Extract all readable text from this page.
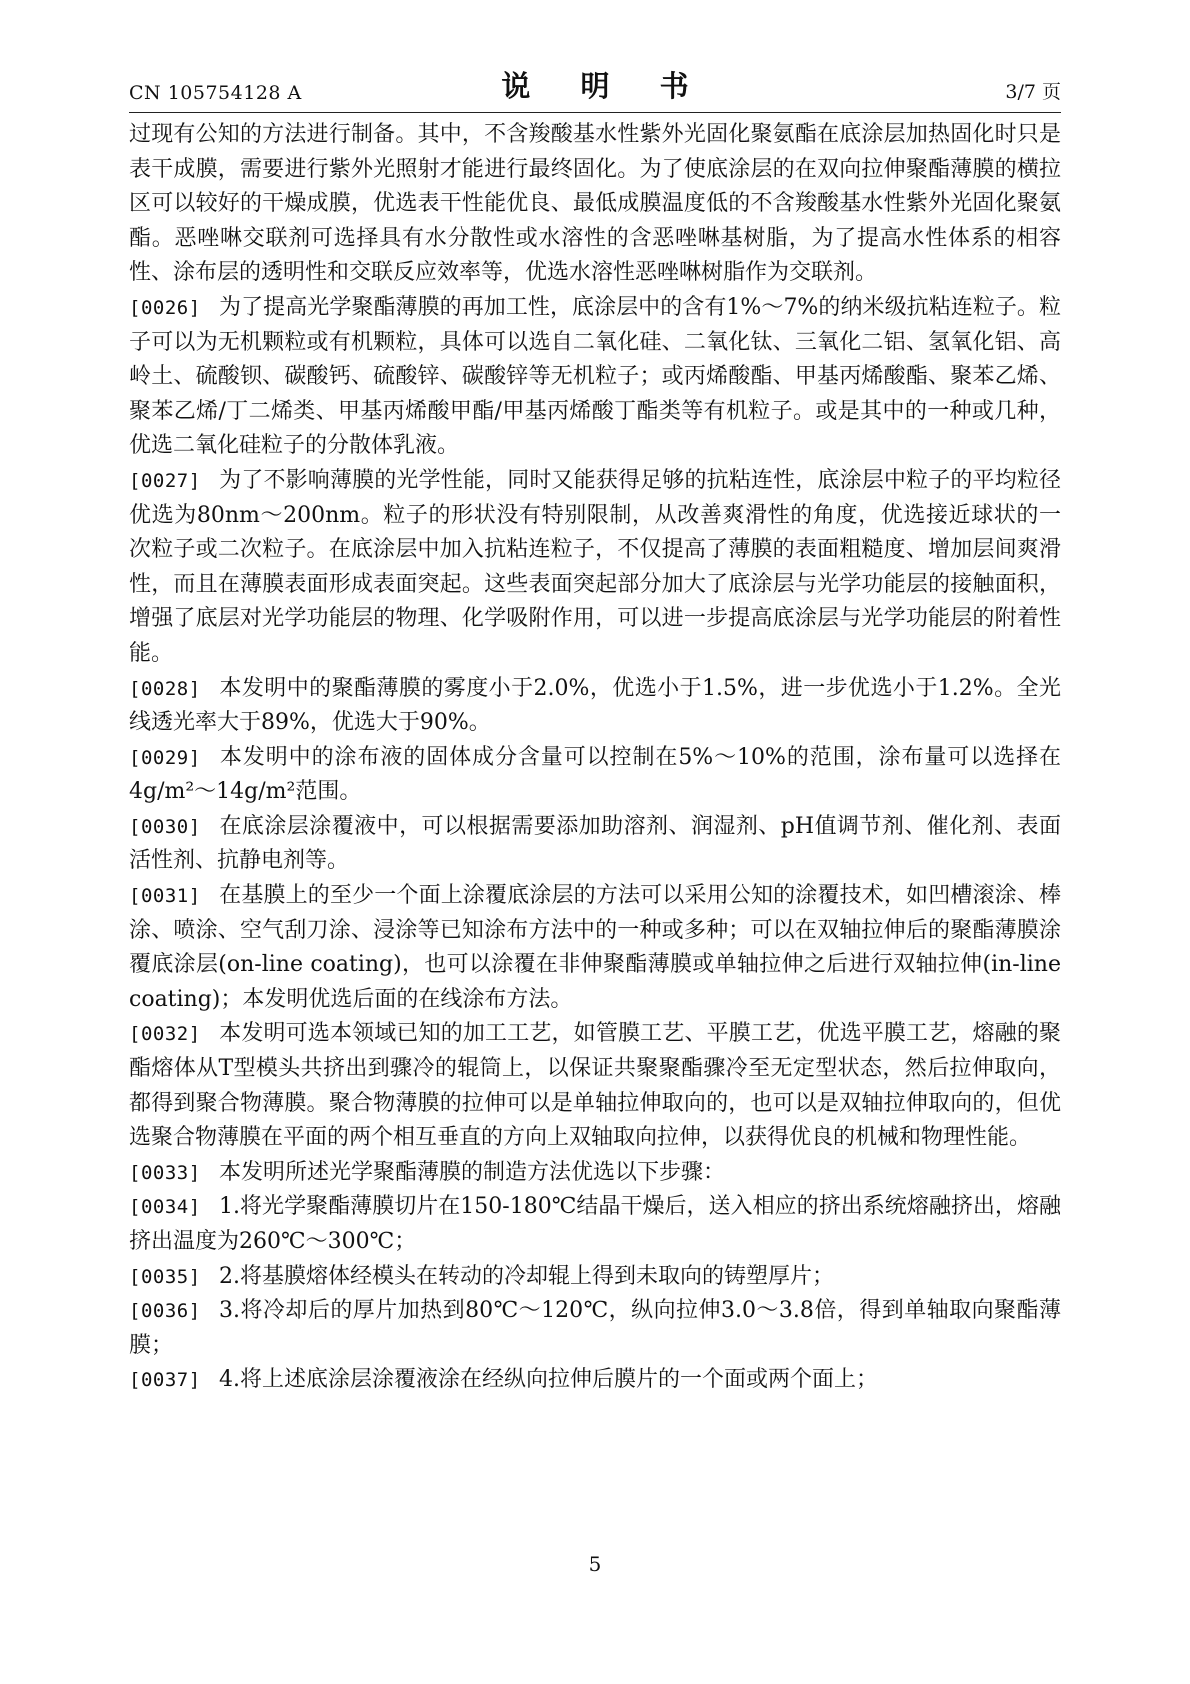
CN 105754128 A	说 明 书	3/7 页

过现有公知的方法进行制备。其中，不含羧酸基水性紫外光固化聚氨酯在底涂层加热固化时只是表干成膜，需要进行紫外光照射才能进行最终固化。为了使底涂层的在双向拉伸聚酯薄膜的横拉区可以较好的干燥成膜，优选表干性能优良、最低成膜温度低的不含羧酸基水性紫外光固化聚氨酯。恶唑啉交联剂可选择具有水分散性或水溶性的含恶唑啉基树脂，为了提高水性体系的相容性、涂布层的透明性和交联反应效率等，优选水溶性恶唑啉树脂作为交联剂。

[0026] 为了提高光学聚酯薄膜的再加工性，底涂层中的含有1%～7%的纳米级抗粘连粒子。粒子可以为无机颗粒或有机颗粒，具体可以选自二氧化硅、二氧化钛、三氧化二铝、氢氧化铝、高岭土、硫酸钡、碳酸钙、硫酸锌、碳酸锌等无机粒子；或丙烯酸酯、甲基丙烯酸酯、聚苯乙烯、聚苯乙烯/丁二烯类、甲基丙烯酸甲酯/甲基丙烯酸丁酯类等有机粒子。或是其中的一种或几种，优选二氧化硅粒子的分散体乳液。

[0027] 为了不影响薄膜的光学性能，同时又能获得足够的抗粘连性，底涂层中粒子的平均粒径优选为80nm～200nm。粒子的形状没有特别限制，从改善爽滑性的角度，优选接近球状的一次粒子或二次粒子。在底涂层中加入抗粘连粒子，不仅提高了薄膜的表面粗糙度、增加层间爽滑性，而且在薄膜表面形成表面突起。这些表面突起部分加大了底涂层与光学功能层的接触面积，增强了底层对光学功能层的物理、化学吸附作用，可以进一步提高底涂层与光学功能层的附着性能。

[0028] 本发明中的聚酯薄膜的雾度小于2.0%，优选小于1.5%，进一步优选小于1.2%。全光线透光率大于89%，优选大于90%。

[0029] 本发明中的涂布液的固体成分含量可以控制在5%～10%的范围，涂布量可以选择在4g/m²～14g/m²范围。

[0030] 在底涂层涂覆液中，可以根据需要添加助溶剂、润湿剂、pH值调节剂、催化剂、表面活性剂、抗静电剂等。

[0031] 在基膜上的至少一个面上涂覆底涂层的方法可以采用公知的涂覆技术，如凹槽滚涂、棒涂、喷涂、空气刮刀涂、浸涂等已知涂布方法中的一种或多种；可以在双轴拉伸后的聚酯薄膜涂覆底涂层(on-line coating)，也可以涂覆在非伸聚酯薄膜或单轴拉伸之后进行双轴拉伸(in-line coating)；本发明优选后面的在线涂布方法。

[0032] 本发明可选本领域已知的加工工艺，如管膜工艺、平膜工艺，优选平膜工艺，熔融的聚酯熔体从T型模头共挤出到骤冷的辊筒上，以保证共聚聚酯骤冷至无定型状态，然后拉伸取向，都得到聚合物薄膜。聚合物薄膜的拉伸可以是单轴拉伸取向的，也可以是双轴拉伸取向的，但优选聚合物薄膜在平面的两个相互垂直的方向上双轴取向拉伸，以获得优良的机械和物理性能。

[0033] 本发明所述光学聚酯薄膜的制造方法优选以下步骤：

[0034] 1.将光学聚酯薄膜切片在150-180℃结晶干燥后，送入相应的挤出系统熔融挤出，熔融挤出温度为260℃～300℃；

[0035] 2.将基膜熔体经模头在转动的冷却辊上得到未取向的铸塑厚片；

[0036] 3.将冷却后的厚片加热到80℃～120℃，纵向拉伸3.0～3.8倍，得到单轴取向聚酯薄膜；

[0037] 4.将上述底涂层涂覆液涂在经纵向拉伸后膜片的一个面或两个面上；

5
